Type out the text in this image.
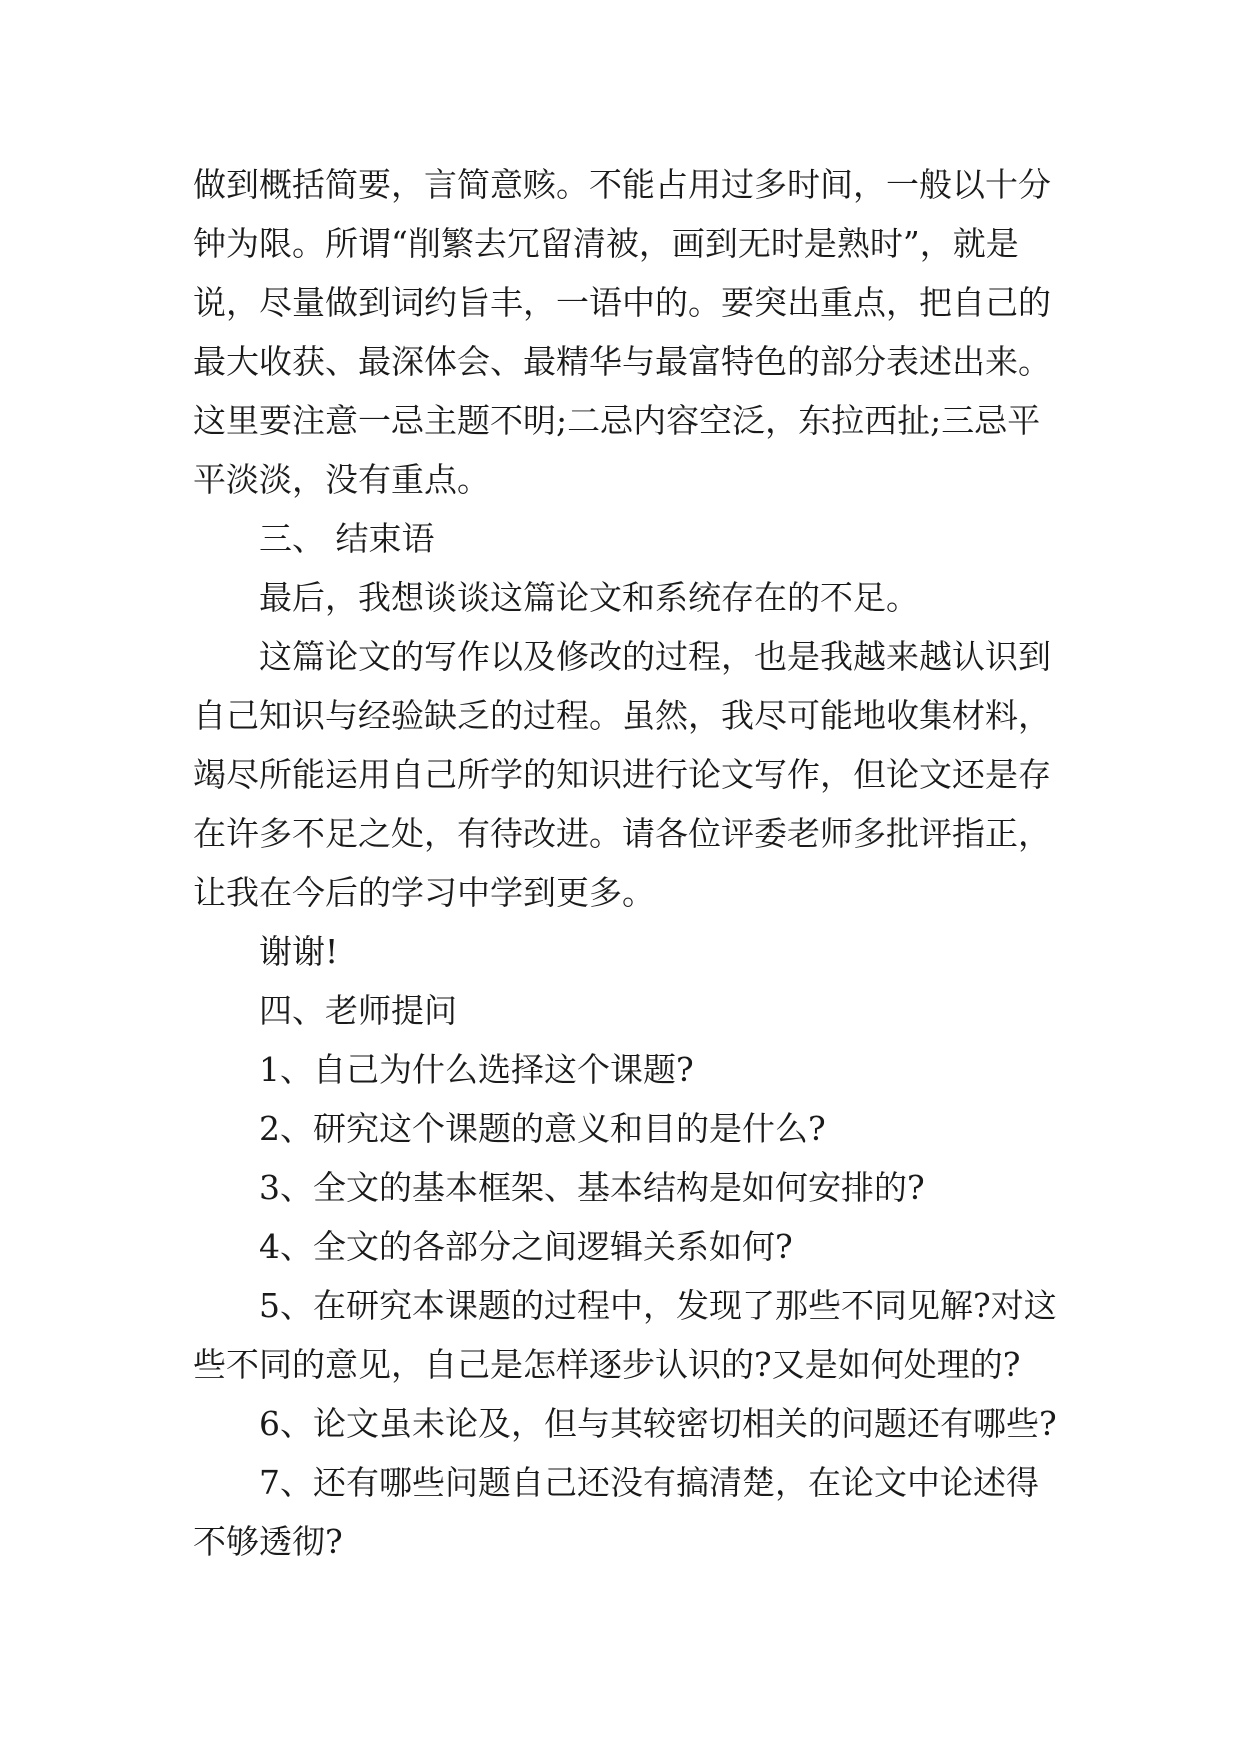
做到概括简要，言简意赅。不能占用过多时间，一般以十分
钟为限。所谓“削繁去冗留清被，画到无时是熟时”，就是
说，尽量做到词约旨丰，一语中的。要突出重点，把自己的
最大收获、最深体会、最精华与最富特色的部分表述出来。
这里要注意一忌主题不明;二忌内容空泛，东拉西扯;三忌平
平淡淡，没有重点。
三、 结束语
最后，我想谈谈这篇论文和系统存在的不足。
这篇论文的写作以及修改的过程，也是我越来越认识到
自己知识与经验缺乏的过程。虽然，我尽可能地收集材料，
竭尽所能运用自己所学的知识进行论文写作，但论文还是存
在许多不足之处，有待改进。请各位评委老师多批评指正，
让我在今后的学习中学到更多。
谢谢!
四、老师提问
1、自己为什么选择这个课题?
2、研究这个课题的意义和目的是什么?
3、全文的基本框架、基本结构是如何安排的?
4、全文的各部分之间逻辑关系如何?
5、在研究本课题的过程中，发现了那些不同见解?对这
些不同的意见，自己是怎样逐步认识的?又是如何处理的?
6、论文虽未论及，但与其较密切相关的问题还有哪些?
7、还有哪些问题自己还没有搞清楚，在论文中论述得
不够透彻?
